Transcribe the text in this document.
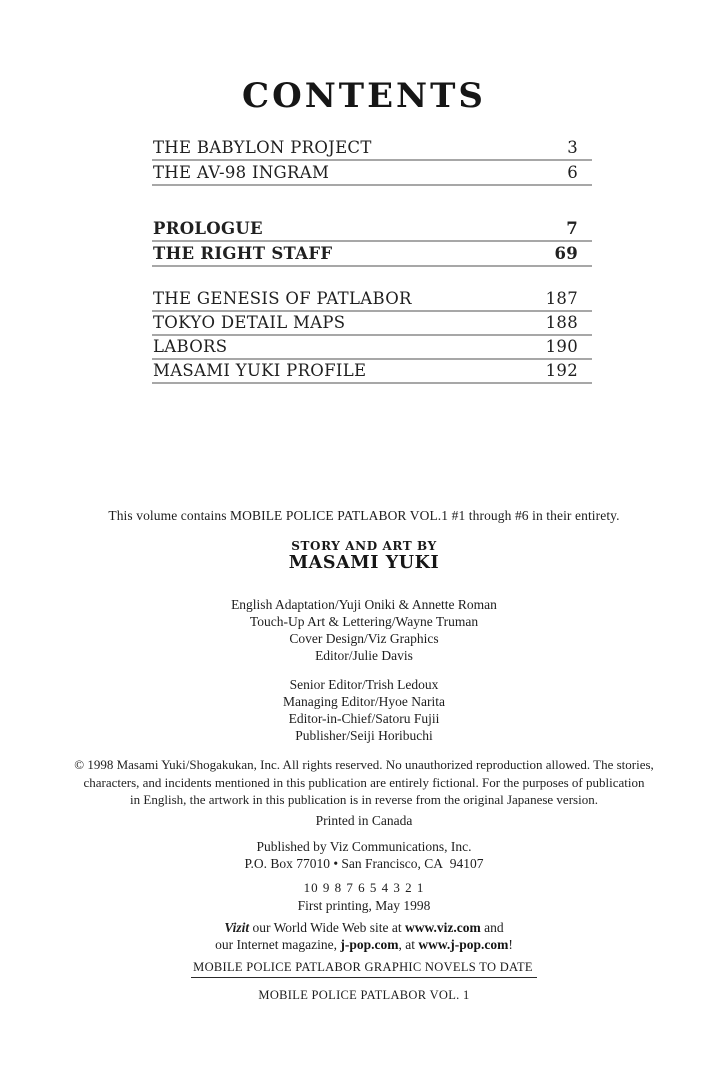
CONTENTS
THE BABYLON PROJECT	3
THE AV-98 INGRAM	6
PROLOGUE	7
THE RIGHT STAFF	69
THE GENESIS OF PATLABOR	187
TOKYO DETAIL MAPS	188
LABORS	190
MASAMI YUKI PROFILE	192
This volume contains MOBILE POLICE PATLABOR VOL.1 #1 through #6 in their entirety.
STORY AND ART BY
MASAMI YUKI
English Adaptation/Yuji Oniki & Annette Roman
Touch-Up Art & Lettering/Wayne Truman
Cover Design/Viz Graphics
Editor/Julie Davis
Senior Editor/Trish Ledoux
Managing Editor/Hyoe Narita
Editor-in-Chief/Satoru Fujii
Publisher/Seiji Horibuchi
© 1998 Masami Yuki/Shogakukan, Inc. All rights reserved. No unauthorized reproduction allowed. The stories,
characters, and incidents mentioned in this publication are entirely fictional. For the purposes of publication
in English, the artwork in this publication is in reverse from the original Japanese version.
Printed in Canada
Published by Viz Communications, Inc.
P.O. Box 77010 • San Francisco, CA  94107
10 9 8 7 6 5 4 3 2 1
First printing, May 1998
Vizit our World Wide Web site at www.viz.com and
our Internet magazine, j-pop.com, at www.j-pop.com!
MOBILE POLICE PATLABOR GRAPHIC NOVELS TO DATE
MOBILE POLICE PATLABOR VOL. 1
